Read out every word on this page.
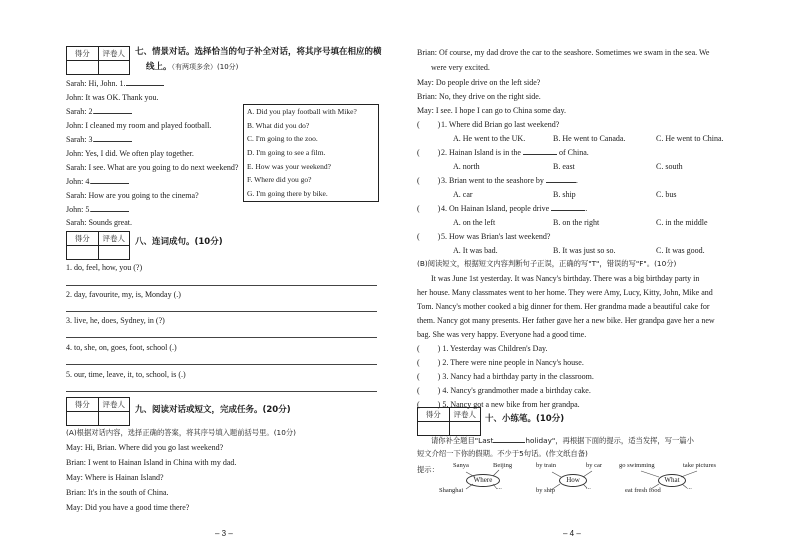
得分	评卷人	七、情景对话。选择恰当的句子补全对话，将其序号填在相应的横
线上。（有两项多余）(10分)
Sarah: Hi, John. 1.
John: It was OK. Thank you.
Sarah: 2.
John: I cleaned my room and played football.
Sarah: 3.
John: Yes, I did. We often play together.
Sarah: I see. What are you going to do next weekend?
John: 4.
Sarah: How are you going to the cinema?
John: 5.
Sarah: Sounds great.
A. Did you play football with Mike?
B. What did you do?
C. I'm going to the zoo.
D. I'm going to see a film.
E. How was your weekend?
F. Where did you go?
G. I'm going there by bike.
得分	评卷人	八、连词成句。(10分)
1. do, feel, how, you (?)
2. day, favourite, my, is, Monday (.)
3. live, he, does, Sydney, in (?)
4. to, she, on, goes, foot, school (.)
5. our, time, leave, it, to, school, is (.)
得分	评卷人
九、阅读对话或短文，完成任务。(20分)
(A)根据对话内容，选择正确的答案，将其序号填入题前括号里。(10分)
May: Hi, Brian. Where did you go last weekend?
Brian: I went to Hainan Island in China with my dad.
May: Where is Hainan Island?
Brian: It's in the south of China.
May: Did you have a good time there?
– 3 –
Brian: Of course, my dad drove the car to the seashore. Sometimes we swam in the sea. We
were very excited.
May: Do people drive on the left side?
Brian: No, they drive on the right side.
May: I see. I hope I can go to China some day.
( ) 1. Where did Brian go last weekend?
A. He went to the UK.	B. He went to Canada.	C. He went to China.
( ) 2. Hainan Island is in the	of China.
A. north	B. east	C. south
( ) 3. Brian went to the seashore by	.
A. car	B. ship	C. bus
( ) 4. On Hainan Island, people drive	.
A. on the left	B. on the right	C. in the middle
( ) 5. How was Brian's last weekend?
A. It was bad.	B. It was just so so.	C. It was good.
(B)阅读短文，根据短文内容判断句子正误，正确的写"T"，错误的写"F"。(10分)
It was June 1st yesterday. It was Nancy's birthday. There was a big birthday party in
her house. Many classmates went to her home. They were Amy, Lucy, Kitty, John, Mike and
Tom. Nancy's mother cooked a big dinner for them. Her grandma made a beautiful cake for
them. Nancy got many presents. Her father gave her a new bike. Her grandpa gave her a new
bag. She was very happy. Everyone had a good time.
( ) 1. Yesterday was Children's Day.
( ) 2. There were nine people in Nancy's house.
( ) 3. Nancy had a birthday party in the classroom.
( ) 4. Nancy's grandmother made a birthday cake.
( ) 5. Nancy got a new bike from her grandpa.
得分	评卷人	十、小练笔。(10分)
请你补全题目"Last	holiday"，再根据下面的提示，适当发挥，写一篇小
短文介绍一下你的假期。不少于5句话。(作文纸自备)
提示： Sanya	Beijing
Where
Shanghai	...
by train	by car
How
by ship	...
go swimming	take pictures
What
eat fresh food	...
– 4 –
